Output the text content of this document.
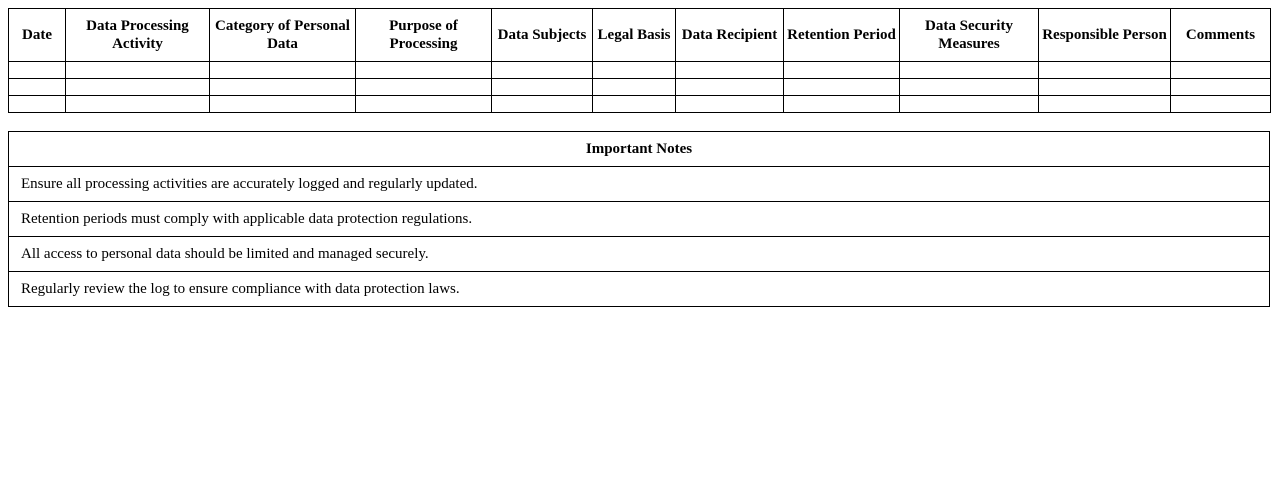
Date	Data Processing Activity	Category of Personal Data	Purpose of Processing	Data Subjects	Legal Basis	Data Recipient	Retention Period	Data Security Measures	Responsible Person	Comments

Important Notes
Ensure all processing activities are accurately logged and regularly updated.
Retention periods must comply with applicable data protection regulations.
All access to personal data should be limited and managed securely.
Regularly review the log to ensure compliance with data protection laws.
